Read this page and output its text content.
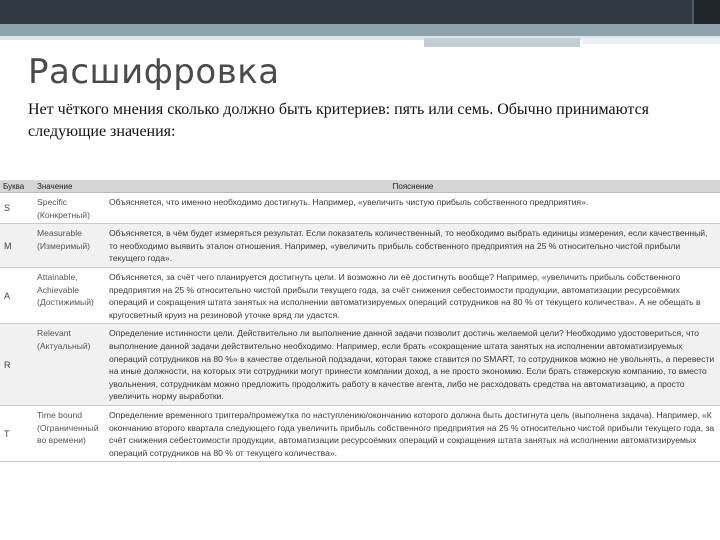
Расшифровка

Нет чёткого мнения сколько должно быть критериев: пять или семь. Обычно принимаются следующие значения:

Буква	Значение	Пояснение
S	Specific (Конкретный)	Объясняется, что именно необходимо достигнуть. Например, «увеличить чистую прибыль собственного предприятия».
M	Measurable (Измеримый)	Объясняется, в чём будет измеряться результат. Если показатель количественный, то необходимо выбрать единицы измерения, если качественный, то необходимо выявить эталон отношения. Например, «увеличить прибыль собственного предприятия на 25 % относительно чистой прибыли текущего года».
A	Attainable, Achievable (Достижимый)	Объясняется, за счёт чего планируется достигнуть цели. И возможно ли её достигнуть вообще? Например, «увеличить прибыль собственного предприятия на 25 % относительно чистой прибыли текущего года, за счёт снижения себестоимости продукции, автоматизации ресурсоёмких операций и сокращения штата занятых на исполнении автоматизируемых операций сотрудников на 80 % от текущего количества». А не обещать в кругосветный круиз на резиновой уточке вряд ли удастся.
R	Relevant (Актуальный)	Определение истинности цели. Действительно ли выполнение данной задачи позволит достичь желаемой цели? Необходимо удостовериться, что выполнение данной задачи действительно необходимо. Например, если брать «сокращение штата занятых на исполнении автоматизируемых операций сотрудников на 80 %» в качестве отдельной подзадачи, которая также ставится по SMART, то сотрудников можно не увольнять, а перевести на иные должности, на которых эти сотрудники могут принести компании доход, а не просто экономию. Если брать стажерскую компанию, то вместо увольнения, сотрудникам можно предложить продолжить работу в качестве агента, либо не расходовать средства на автоматизацию, а просто увеличить норму выработки.
T	Time bound (Ограниченный во времени)	Определение временного триггера/промежутка по наступлению/окончанию которого должна быть достигнута цель (выполнена задача). Например, «К окончанию второго квартала следующего года увеличить прибыль собственного предприятия на 25 % относительно чистой прибыли текущего года, за счёт снижения себестоимости продукции, автоматизации ресурсоёмких операций и сокращения штата занятых на исполнении автоматизируемых операций сотрудников на 80 % от текущего количества».
